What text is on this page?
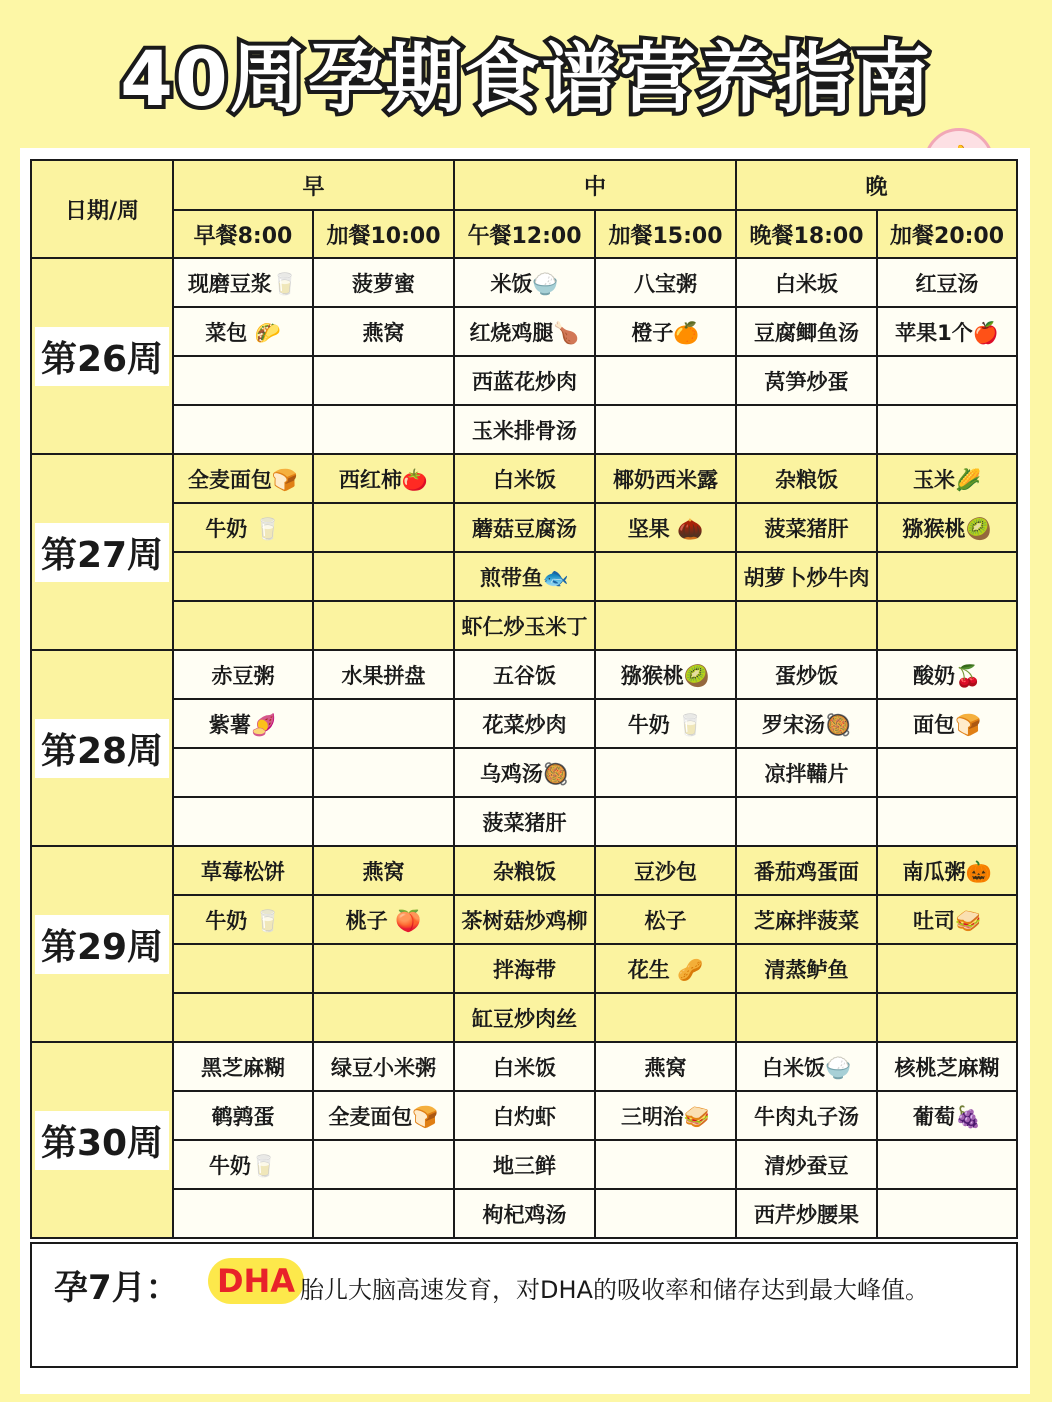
40周孕期食谱营养指南
日期/周	早		中		晚	
	早餐8:00	加餐10:00	午餐12:00	加餐15:00	晚餐18:00	加餐20:00
第26周	现磨豆浆🥛	菠萝蜜	米饭🍚	八宝粥	白米坂	红豆汤
	菜包 🌮	燕窝	红烧鸡腿🍗	橙子🍊	豆腐鲫鱼汤	苹果1个🍎
			西蓝花炒肉		莴笋炒蛋	
			玉米排骨汤			
第27周	全麦面包🍞	西红柿🍅	白米饭	椰奶西米露	杂粮饭	玉米🌽
	牛奶 🥛		蘑菇豆腐汤	坚果 🌰	菠菜猪肝	猕猴桃🥝
			煎带鱼🐟		胡萝卜炒牛肉	
			虾仁炒玉米丁			
第28周	赤豆粥	水果拼盘	五谷饭	猕猴桃🥝	蛋炒饭	酸奶🍒
	紫薯🍠		花菜炒肉	牛奶 🥛	罗宋汤🥘	面包🍞
			乌鸡汤🥘		凉拌鞴片	
			菠菜猪肝			
第29周	草莓松饼	燕窝	杂粮饭	豆沙包	番茄鸡蛋面	南瓜粥🎃
	牛奶 🥛	桃子 🍑	茶树菇炒鸡柳	松子	芝麻拌菠菜	吐司🥪
			拌海带	花生 🥜	清蒸鲈鱼	
			缸豆炒肉丝			
第30周	黑芝麻糊	绿豆小米粥	白米饭	燕窝	白米饭🍚	核桃芝麻糊
	鹌鹑蛋	全麦面包🍞	白灼虾	三明治🥪	牛肉丸子汤	葡萄🍇
	牛奶🥛		地三鲜		清炒蚕豆	
			枸杞鸡汤		西芹炒腰果	
孕7月： DHA 胎儿大脑高速发育，对DHA的吸收率和储存达到最大峰值。
